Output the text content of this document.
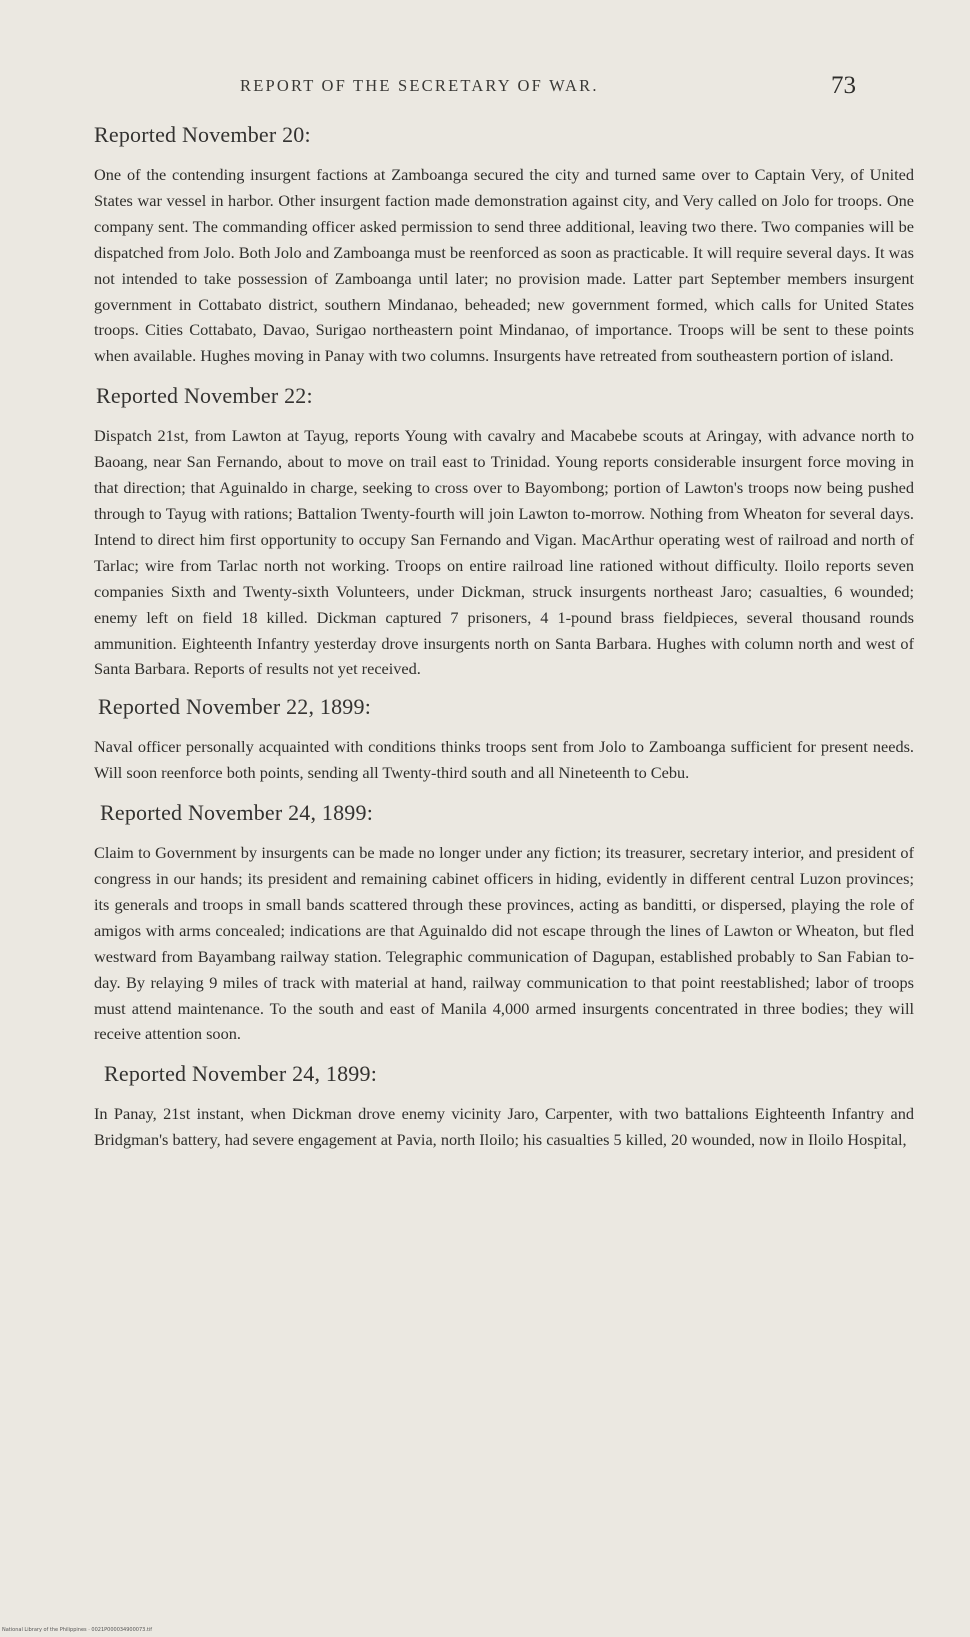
REPORT OF THE SECRETARY OF WAR.	73
Reported November 20:

One of the contending insurgent factions at Zamboanga secured the city and turned same over to Captain Very, of United States war vessel in harbor. Other insurgent faction made demonstration against city, and Very called on Jolo for troops. One company sent. The commanding officer asked permission to send three additional, leaving two there. Two companies will be dispatched from Jolo. Both Jolo and Zamboanga must be reenforced as soon as practicable. It will require several days. It was not intended to take possession of Zamboanga until later; no provision made. Latter part September members insurgent government in Cottabato district, southern Mindanao, beheaded; new government formed, which calls for United States troops. Cities Cottabato, Davao, Surigao northeastern point Mindanao, of importance. Troops will be sent to these points when available. Hughes moving in Panay with two columns. Insurgents have retreated from southeastern portion of island.

Reported November 22:

Dispatch 21st, from Lawton at Tayug, reports Young with cavalry and Macabebe scouts at Aringay, with advance north to Baoang, near San Fernando, about to move on trail east to Trinidad. Young reports considerable insurgent force moving in that direction; that Aguinaldo in charge, seeking to cross over to Bayombong; portion of Lawton's troops now being pushed through to Tayug with rations; Battalion Twenty-fourth will join Lawton to-morrow. Nothing from Wheaton for several days. Intend to direct him first opportunity to occupy San Fernando and Vigan. MacArthur operating west of railroad and north of Tarlac; wire from Tarlac north not working. Troops on entire railroad line rationed without difficulty. Iloilo reports seven companies Sixth and Twenty-sixth Volunteers, under Dickman, struck insurgents northeast Jaro; casualties, 6 wounded; enemy left on field 18 killed. Dickman captured 7 prisoners, 4 1-pound brass fieldpieces, several thousand rounds ammunition. Eighteenth Infantry yesterday drove insurgents north on Santa Barbara. Hughes with column north and west of Santa Barbara. Reports of results not yet received.

Reported November 22, 1899:

Naval officer personally acquainted with conditions thinks troops sent from Jolo to Zamboanga sufficient for present needs. Will soon reenforce both points, sending all Twenty-third south and all Nineteenth to Cebu.

Reported November 24, 1899:

Claim to Government by insurgents can be made no longer under any fiction; its treasurer, secretary interior, and president of congress in our hands; its president and remaining cabinet officers in hiding, evidently in different central Luzon provinces; its generals and troops in small bands scattered through these provinces, acting as banditti, or dispersed, playing the role of amigos with arms concealed; indications are that Aguinaldo did not escape through the lines of Lawton or Wheaton, but fled westward from Bayambang railway station. Telegraphic communication of Dagupan, established probably to San Fabian to-day. By relaying 9 miles of track with material at hand, railway communication to that point reestablished; labor of troops must attend maintenance. To the south and east of Manila 4,000 armed insurgents concentrated in three bodies; they will receive attention soon.

Reported November 24, 1899:

In Panay, 21st instant, when Dickman drove enemy vicinity Jaro, Carpenter, with two battalions Eighteenth Infantry and Bridgman's battery, had severe engagement at Pavia, north Iloilo; his casualties 5 killed, 20 wounded, now in Iloilo Hospital,

National Library of the Philippines · 0021P000034900073.tif
